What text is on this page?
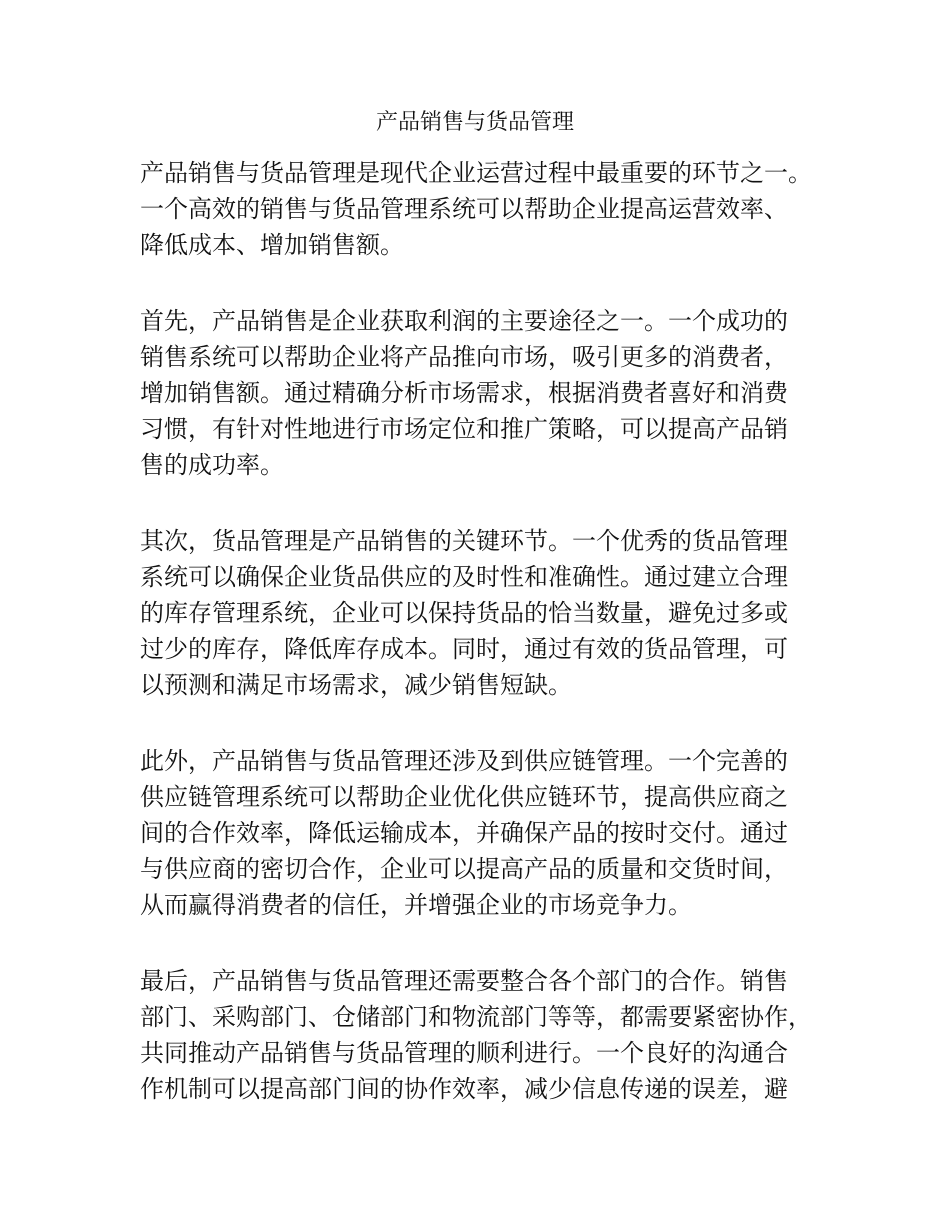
产品销售与货品管理

产品销售与货品管理是现代企业运营过程中最重要的环节之一。
一个高效的销售与货品管理系统可以帮助企业提高运营效率、
降低成本、增加销售额。

首先，产品销售是企业获取利润的主要途径之一。一个成功的
销售系统可以帮助企业将产品推向市场，吸引更多的消费者，
增加销售额。通过精确分析市场需求，根据消费者喜好和消费
习惯，有针对性地进行市场定位和推广策略，可以提高产品销
售的成功率。

其次，货品管理是产品销售的关键环节。一个优秀的货品管理
系统可以确保企业货品供应的及时性和准确性。通过建立合理
的库存管理系统，企业可以保持货品的恰当数量，避免过多或
过少的库存，降低库存成本。同时，通过有效的货品管理，可
以预测和满足市场需求，减少销售短缺。

此外，产品销售与货品管理还涉及到供应链管理。一个完善的
供应链管理系统可以帮助企业优化供应链环节，提高供应商之
间的合作效率，降低运输成本，并确保产品的按时交付。通过
与供应商的密切合作，企业可以提高产品的质量和交货时间，
从而赢得消费者的信任，并增强企业的市场竞争力。

最后，产品销售与货品管理还需要整合各个部门的合作。销售
部门、采购部门、仓储部门和物流部门等等，都需要紧密协作，
共同推动产品销售与货品管理的顺利进行。一个良好的沟通合
作机制可以提高部门间的协作效率，减少信息传递的误差，避
